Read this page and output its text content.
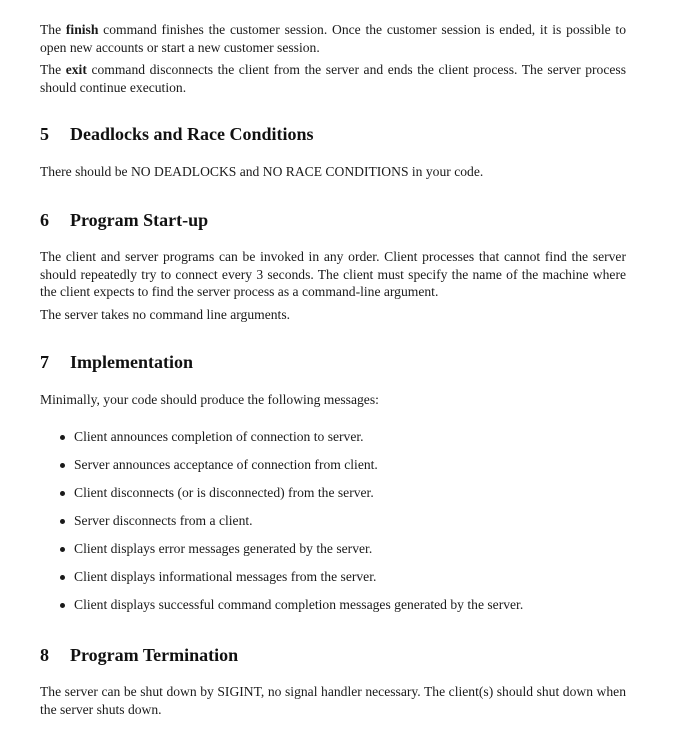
The finish command finishes the customer session. Once the customer session is ended, it is possible to open new accounts or start a new customer session.

The exit command disconnects the client from the server and ends the client process. The server process should continue execution.

5 Deadlocks and Race Conditions

There should be NO DEADLOCKS and NO RACE CONDITIONS in your code.

6 Program Start-up

The client and server programs can be invoked in any order. Client processes that cannot find the server should repeatedly try to connect every 3 seconds. The client must specify the name of the machine where the client expects to find the server process as a command-line argument.

The server takes no command line arguments.

7 Implementation

Minimally, your code should produce the following messages:

Client announces completion of connection to server.
Server announces acceptance of connection from client.
Client disconnects (or is disconnected) from the server.
Server disconnects from a client.
Client displays error messages generated by the server.
Client displays informational messages from the server.
Client displays successful command completion messages generated by the server.
8 Program Termination

The server can be shut down by SIGINT, no signal handler necessary. The client(s) should shut down when the server shuts down.
